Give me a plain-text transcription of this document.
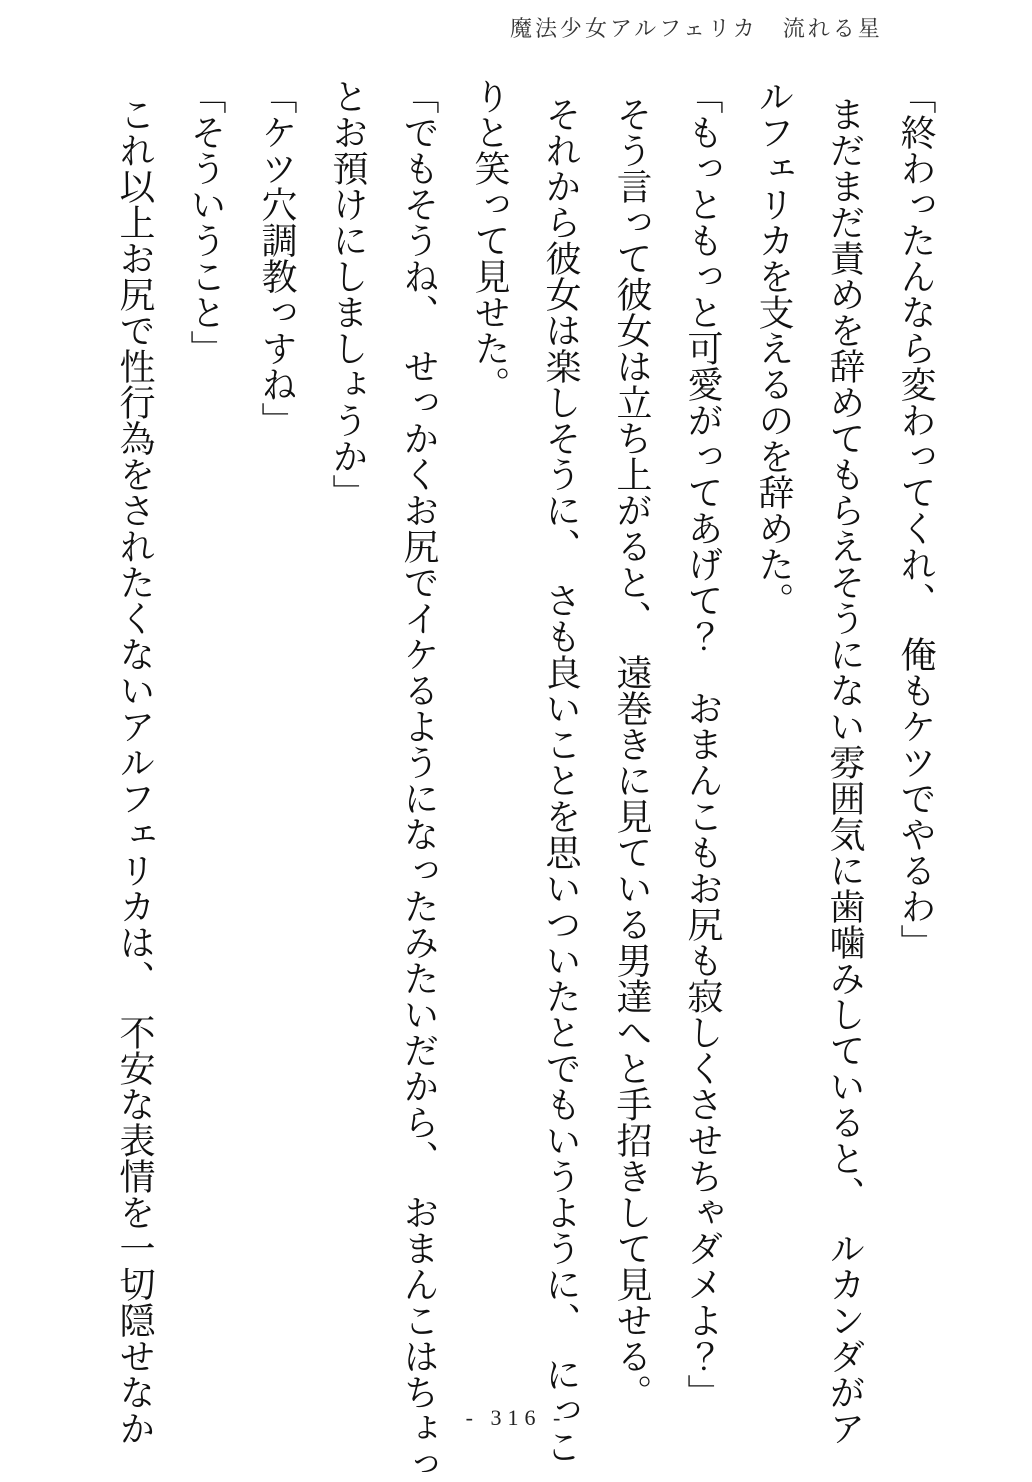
魔法少女アルフェリカ　流れる星
「終わったんなら変わってくれ、　俺もケツでやるわ」
まだまだ責めを辞めてもらえそうにない雰囲気に歯噛みしていると、　ルカンダがア
ルフェリカを支えるのを辞めた。
「もっともっと可愛がってあげて？　おまんこもお尻も寂しくさせちゃダメよ？」
そう言って彼女は立ち上がると、　遠巻きに見ている男達へと手招きして見せる。
それから彼女は楽しそうに、　さも良いことを思いついたとでもいうように、　にっこ
りと笑って見せた。
「でもそうね、　せっかくお尻でイケるようになったみたいだから、　おまんこはちょっ
とお預けにしましょうか」
「ケツ穴調教っすね」
「そういうこと」
これ以上お尻で性行為をされたくないアルフェリカは、　不安な表情を一切隠せなか	- 316 -
